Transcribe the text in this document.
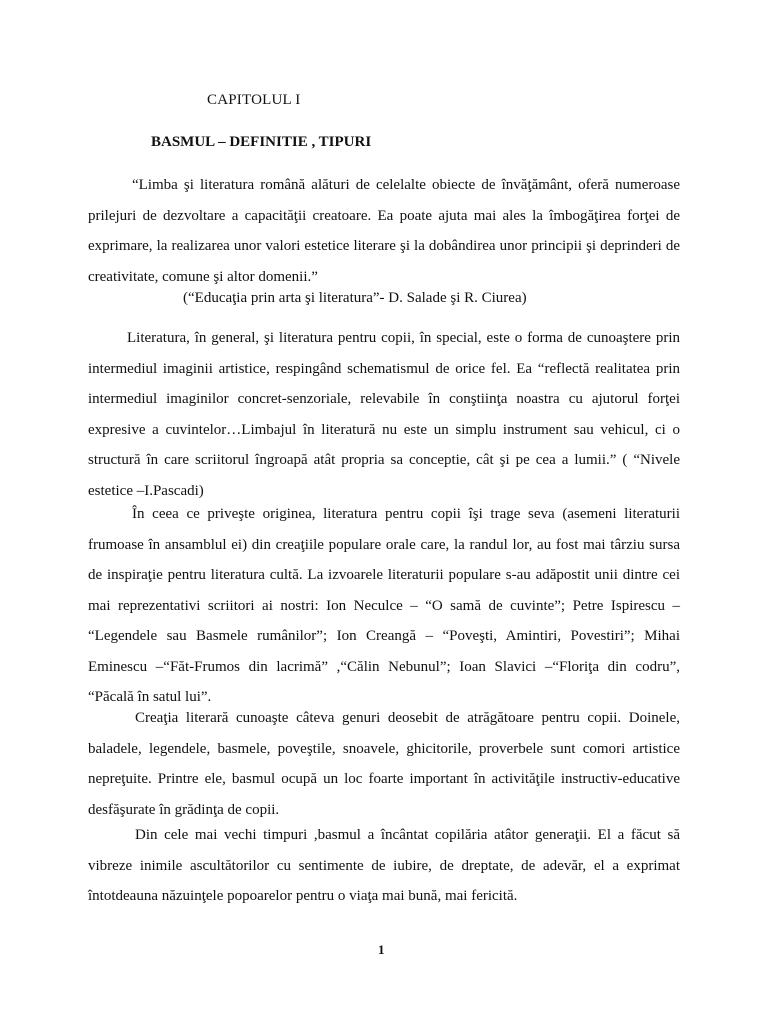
CAPITOLUL I
BASMUL – DEFINITIE , TIPURI

“Limba şi literatura română alături de celelalte obiecte de învăţământ, oferă numeroase prilejuri de dezvoltare a capacităţii creatoare. Ea poate ajuta mai ales la îmbogăţirea forţei de exprimare, la realizarea unor valori estetice literare şi la dobândirea unor principii şi deprinderi de creativitate, comune şi altor domenii.”

(“Educaţia prin arta şi literatura”- D. Salade şi R. Ciurea)

Literatura, în general, şi literatura pentru copii, în special, este o forma de cunoaştere prin intermediul imaginii artistice, respingând schematismul de orice fel. Ea “reflectă realitatea prin intermediul imaginilor concret-senzoriale, relevabile în conştiinţa noastra cu ajutorul forţei expresive a cuvintelor…Limbajul în literatură nu este un simplu instrument sau vehicul, ci o structură în care scriitorul îngroapă atât propria sa conceptie, cât şi pe cea a lumii.” ( “Nivele estetice –I.Pascadi)

În ceea ce priveşte originea, literatura pentru copii îşi trage seva (asemeni literaturii frumoase în ansamblul ei) din creaţiile populare orale care, la randul lor, au fost mai târziu sursa de inspiraţie pentru literatura cultă. La izvoarele literaturii populare s-au adăpostit unii dintre cei mai reprezentativi scriitori ai nostri: Ion Neculce – “O samă de cuvinte”; Petre Ispirescu – “Legendele sau Basmele rumânilor”; Ion Creangă – “Poveşti, Amintiri, Povestiri”; Mihai Eminescu –“Făt-Frumos din lacrimă” ,“Călin Nebunul”; Ioan Slavici –“Floriţa din codru”, “Păcală în satul lui”.

Creaţia literară cunoaşte câteva genuri deosebit de atrăgătoare pentru copii. Doinele, baladele, legendele, basmele, poveştile, snoavele, ghicitorile, proverbele sunt comori artistice nepreţuite. Printre ele, basmul ocupă un loc foarte important în activităţile instructiv-educative desfăşurate în grădinţa de copii.

Din cele mai vechi timpuri ,basmul a încântat copilăria atâtor generaţii. El a făcut să vibreze inimile ascultătorilor cu sentimente de iubire, de dreptate, de adevăr, el a exprimat întotdeauna năzuinţele popoarelor pentru o viaţa mai bună, mai fericită.

1
